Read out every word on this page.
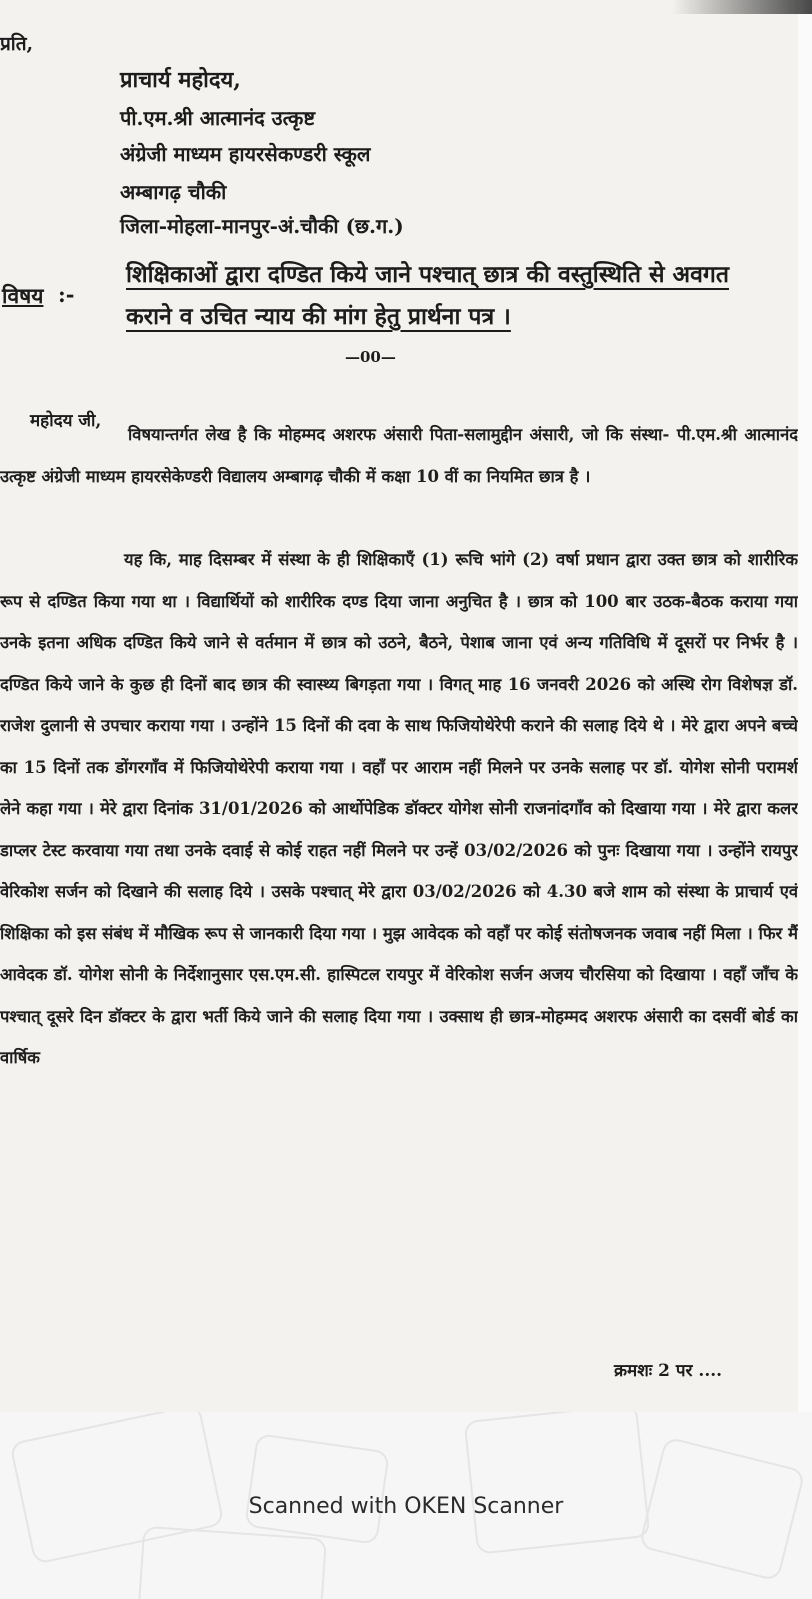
प्रति,
प्राचार्य महोदय,
पी.एम.श्री आत्मानंद उत्कृष्ट
अंग्रेजी माध्यम हायरसेकण्डरी स्कूल
अम्बागढ़ चौकी
जिला-मोहला-मानपुर-अं.चौकी (छ.ग.)
विषय :-
शिक्षिकाओं द्वारा दण्डित किये जाने पश्चात् छात्र की वस्तुस्थिति से अवगत कराने व उचित न्याय की मांग हेतु प्रार्थना पत्र ।
—00—
महोदय जी,

विषयान्तर्गत लेख है कि मोहम्मद अशरफ अंसारी पिता-सलामुद्दीन अंसारी, जो कि संस्था- पी.एम.श्री आत्मानंद उत्कृष्ट अंग्रेजी माध्यम हायरसेकेण्डरी विद्यालय अम्बागढ़ चौकी में कक्षा 10 वीं का नियमित छात्र है ।

यह कि, माह दिसम्बर में संस्था के ही शिक्षिकाएँ (1) रूचि भांगे (2) वर्षा प्रधान द्वारा उक्त छात्र को शारीरिक रूप से दण्डित किया गया था । विद्यार्थियों को शारीरिक दण्ड दिया जाना अनुचित है । छात्र को 100 बार उठक-बैठक कराया गया उनके इतना अधिक दण्डित किये जाने से वर्तमान में छात्र को उठने, बैठने, पेशाब जाना एवं अन्य गतिविधि में दूसरों पर निर्भर है । दण्डित किये जाने के कुछ ही दिनों बाद छात्र की स्वास्थ्य बिगड़ता गया । विगत् माह 16 जनवरी 2026 को अस्थि रोग विशेषज्ञ डॉ. राजेश दुलानी से उपचार कराया गया । उन्होंने 15 दिनों की दवा के साथ फिजियोथेरेपी कराने की सलाह दिये थे । मेरे द्वारा अपने बच्चे का 15 दिनों तक डोंगरगाँव में फिजियोथेरेपी कराया गया । वहाँ पर आराम नहीं मिलने पर उनके सलाह पर डॉ. योगेश सोनी परामर्श लेने कहा गया । मेरे द्वारा दिनांक 31/01/2026 को आर्थोपेडिक डॉक्टर योगेश सोनी राजनांदगाँव को दिखाया गया । मेरे द्वारा कलर डाप्लर टेस्ट करवाया गया तथा उनके दवाई से कोई राहत नहीं मिलने पर उन्हें 03/02/2026 को पुनः दिखाया गया । उन्होंने रायपुर वेरिकोश सर्जन को दिखाने की सलाह दिये । उसके पश्चात् मेरे द्वारा 03/02/2026 को 4.30 बजे शाम को संस्था के प्राचार्य एवं शिक्षिका को इस संबंध में मौखिक रूप से जानकारी दिया गया । मुझ आवेदक को वहाँ पर कोई संतोषजनक जवाब नहीं मिला । फिर मैं आवेदक डॉ. योगेश सोनी के निर्देशानुसार एस.एम.सी. हास्पिटल रायपुर में वेरिकोश सर्जन अजय चौरसिया को दिखाया । वहाँ जाँच के पश्चात् दूसरे दिन डॉक्टर के द्वारा भर्ती किये जाने की सलाह दिया गया । उक्साथ ही छात्र-मोहम्मद अशरफ अंसारी का दसवीं बोर्ड का वार्षिक

क्रमशः 2 पर ....
Scanned with OKEN Scanner
